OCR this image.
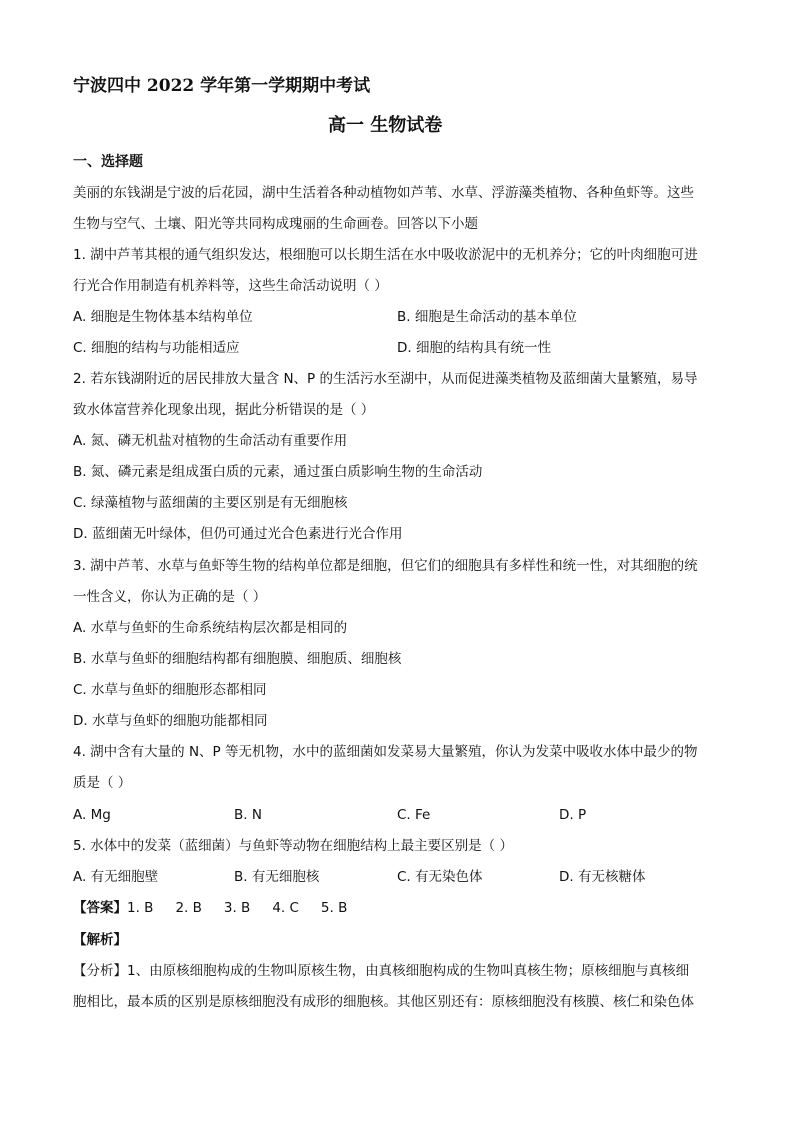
宁波四中 2022 学年第一学期期中考试
高一 生物试卷
一、选择题
美丽的东钱湖是宁波的后花园，湖中生活着各种动植物如芦苇、水草、浮游藻类植物、各种鱼虾等。这些
生物与空气、土壤、阳光等共同构成瑰丽的生命画卷。回答以下小题
1. 湖中芦苇其根的通气组织发达，根细胞可以长期生活在水中吸收淤泥中的无机养分；它的叶肉细胞可进
行光合作用制造有机养料等，这些生命活动说明（ ）
A. 细胞是生物体基本结构单位	B. 细胞是生命活动的基本单位
C. 细胞的结构与功能相适应	D. 细胞的结构具有统一性
2. 若东钱湖附近的居民排放大量含 N、P 的生活污水至湖中，从而促进藻类植物及蓝细菌大量繁殖，易导
致水体富营养化现象出现，据此分析错误的是（ ）
A. 氮、磷无机盐对植物的生命活动有重要作用
B. 氮、磷元素是组成蛋白质的元素，通过蛋白质影响生物的生命活动
C. 绿藻植物与蓝细菌的主要区别是有无细胞核
D. 蓝细菌无叶绿体，但仍可通过光合色素进行光合作用
3. 湖中芦苇、水草与鱼虾等生物的结构单位都是细胞，但它们的细胞具有多样性和统一性，对其细胞的统
一性含义，你认为正确的是（ ）
A. 水草与鱼虾的生命系统结构层次都是相同的
B. 水草与鱼虾的细胞结构都有细胞膜、细胞质、细胞核
C. 水草与鱼虾的细胞形态都相同
D. 水草与鱼虾的细胞功能都相同
4. 湖中含有大量的 N、P 等无机物，水中的蓝细菌如发菜易大量繁殖，你认为发菜中吸收水体中最少的物
质是（ ）
A. Mg	B. N	C. Fe	D. P
5. 水体中的发菜（蓝细菌）与鱼虾等动物在细胞结构上最主要区别是（ ）
A. 有无细胞壁	B. 有无细胞核	C. 有无染色体	D. 有无核糖体
【答案】1. B 2. B 3. B 4. C 5. B
【解析】
【分析】1、由原核细胞构成的生物叫原核生物，由真核细胞构成的生物叫真核生物；原核细胞与真核细
胞相比，最本质的区别是原核细胞没有成形的细胞核。其他区别还有：原核细胞没有核膜、核仁和染色体
